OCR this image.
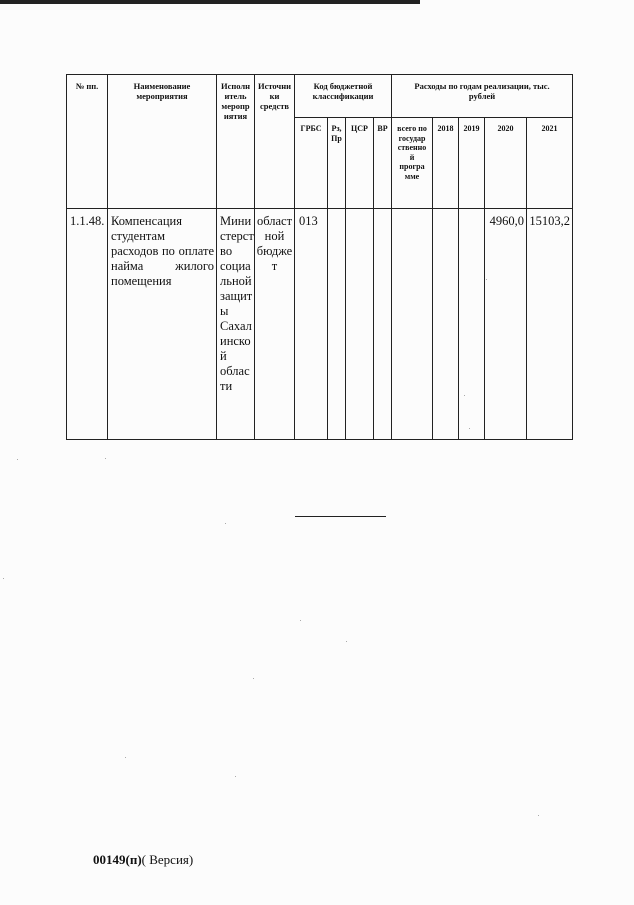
№ пп.	Наименование мероприятия	Исполнитель мероприятия	Источники средств	Код бюджетной классификации				Расходы по годам реализации, тыс. рублей				
				ГРБС	Рз, Пр	ЦСР	ВР	всего по государственной программе	2018	2019	2020	2021
1.1.48.	Компенсация студентам расходов по оплате найма жилого помещения	Министерство социальной защиты Сахалинской области	областной бюджет	013							4960,0	15103,2
00149(п)( Версия)
